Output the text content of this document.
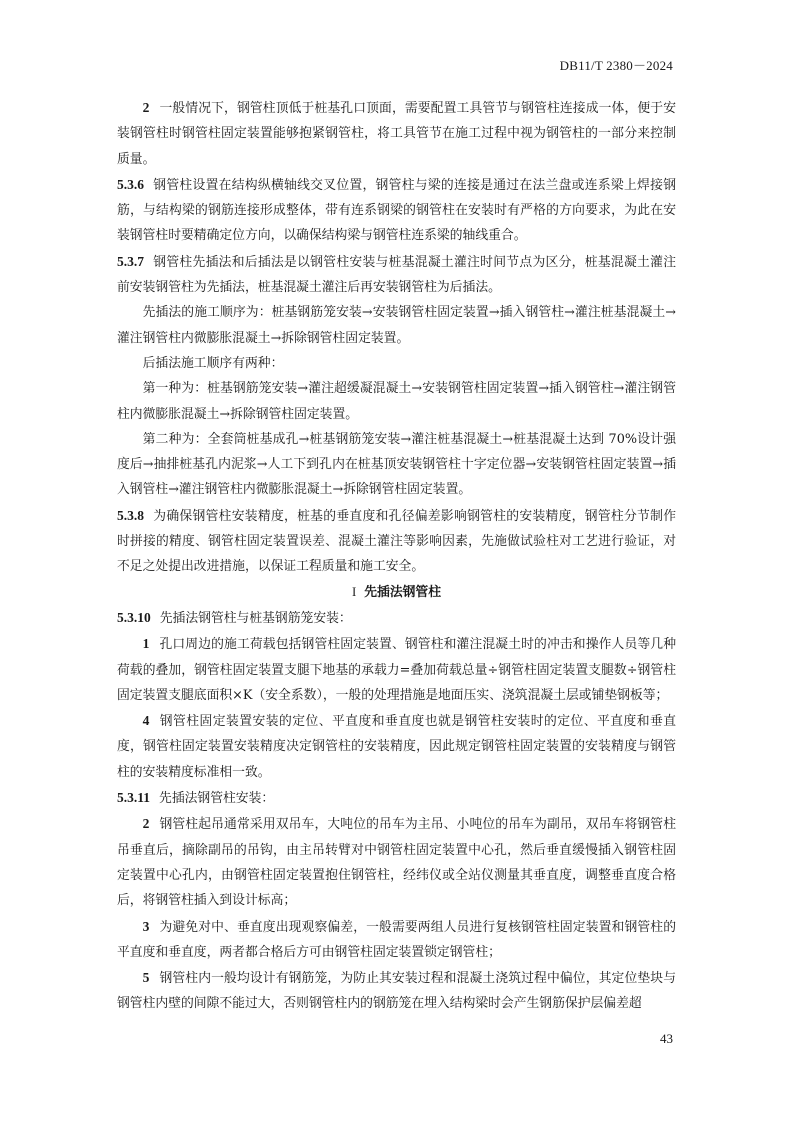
DB11/T 2380－2024

2 一般情况下，钢管柱顶低于桩基孔口顶面，需要配置工具管节与钢管柱连接成一体，便于安装钢管柱时钢管柱固定装置能够抱紧钢管柱，将工具管节在施工过程中视为钢管柱的一部分来控制质量。

5.3.6 钢管柱设置在结构纵横轴线交叉位置，钢管柱与梁的连接是通过在法兰盘或连系梁上焊接钢筋，与结构梁的钢筋连接形成整体，带有连系钢梁的钢管柱在安装时有严格的方向要求，为此在安装钢管柱时要精确定位方向，以确保结构梁与钢管柱连系梁的轴线重合。

5.3.7 钢管柱先插法和后插法是以钢管柱安装与桩基混凝土灌注时间节点为区分，桩基混凝土灌注前安装钢管柱为先插法，桩基混凝土灌注后再安装钢管柱为后插法。

先插法的施工顺序为：桩基钢筋笼安装→安装钢管柱固定装置→插入钢管柱→灌注桩基混凝土→灌注钢管柱内微膨胀混凝土→拆除钢管柱固定装置。

后插法施工顺序有两种：

第一种为：桩基钢筋笼安装→灌注超缓凝混凝土→安装钢管柱固定装置→插入钢管柱→灌注钢管柱内微膨胀混凝土→拆除钢管柱固定装置。

第二种为：全套筒桩基成孔→桩基钢筋笼安装→灌注桩基混凝土→桩基混凝土达到 70%设计强度后→抽排桩基孔内泥浆→人工下到孔内在桩基顶安装钢管柱十字定位器→安装钢管柱固定装置→插入钢管柱→灌注钢管柱内微膨胀混凝土→拆除钢管柱固定装置。

5.3.8 为确保钢管柱安装精度，桩基的垂直度和孔径偏差影响钢管柱的安装精度，钢管柱分节制作时拼接的精度、钢管柱固定装置误差、混凝土灌注等影响因素，先施做试验柱对工艺进行验证，对不足之处提出改进措施，以保证工程质量和施工安全。

I 先插法钢管柱

5.3.10 先插法钢管柱与桩基钢筋笼安装：

1 孔口周边的施工荷载包括钢管柱固定装置、钢管柱和灌注混凝土时的冲击和操作人员等几种荷载的叠加，钢管柱固定装置支腿下地基的承载力=叠加荷载总量÷钢管柱固定装置支腿数÷钢管柱固定装置支腿底面积×K（安全系数），一般的处理措施是地面压实、浇筑混凝土层或铺垫钢板等；

4 钢管柱固定装置安装的定位、平直度和垂直度也就是钢管柱安装时的定位、平直度和垂直度，钢管柱固定装置安装精度决定钢管柱的安装精度，因此规定钢管柱固定装置的安装精度与钢管柱的安装精度标准相一致。

5.3.11 先插法钢管柱安装：

2 钢管柱起吊通常采用双吊车，大吨位的吊车为主吊、小吨位的吊车为副吊，双吊车将钢管柱吊垂直后，摘除副吊的吊钩，由主吊转臂对中钢管柱固定装置中心孔，然后垂直缓慢插入钢管柱固定装置中心孔内，由钢管柱固定装置抱住钢管柱，经纬仪或全站仪测量其垂直度，调整垂直度合格后，将钢管柱插入到设计标高；

3 为避免对中、垂直度出现观察偏差，一般需要两组人员进行复核钢管柱固定装置和钢管柱的平直度和垂直度，两者都合格后方可由钢管柱固定装置锁定钢管柱；

5 钢管柱内一般均设计有钢筋笼，为防止其安装过程和混凝土浇筑过程中偏位，其定位垫块与钢管柱内壁的间隙不能过大，否则钢管柱内的钢筋笼在埋入结构梁时会产生钢筋保护层偏差超

43
